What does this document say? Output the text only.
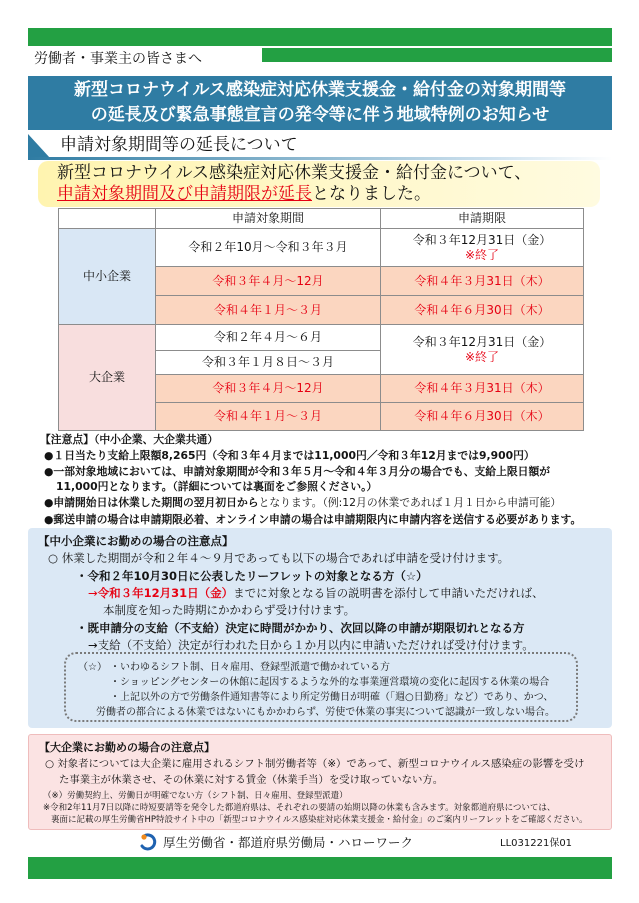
労働者・事業主の皆さまへ
新型コロナウイルス感染症対応休業支援金・給付金の対象期間等
の延長及び緊急事態宣言の発令等に伴う地域特例のお知らせ
申請対象期間等の延長について
新型コロナウイルス感染症対応休業支援金・給付金について、
申請対象期間及び申請期限が延長となりました。
	申請対象期間	申請期限
中小企業	令和２年10月～令和３年３月	令和３年12月31日（金）
※終了

	令和３年４月～12月	令和４年３月31日（木）
	令和４年１月～３月	令和４年６月30日（木）
大企業	令和２年４月～６月	令和３年12月31日（金）
※終了

	令和３年１月８日～３月	
	令和３年４月～12月	令和４年３月31日（木）
	令和４年１月～３月	令和４年６月30日（木）
【注意点】（中小企業、大企業共通）
●１日当たり支給上限額8,265円（令和３年４月までは11,000円／令和３年12月までは9,900円）
●一部対象地域においては、申請対象期間が令和３年５月～令和４年３月分の場合でも、支給上限日額が
11,000円となります。（詳細については裏面をご参照ください。）
●申請開始日は休業した期間の翌月初日からとなります。（例:12月の休業であれば１月１日から申請可能）
●郵送申請の場合は申請期限必着、オンライン申請の場合は申請期限内に申請内容を送信する必要があります。
【中小企業にお勤めの場合の注意点】
○ 休業した期間が令和２年４～９月であっても以下の場合であれば申請を受け付けます。
・令和２年10月30日に公表したリーフレットの対象となる方（☆）
→令和３年12月31日（金）までに対象となる旨の説明書を添付して申請いただければ、
本制度を知った時期にかかわらず受け付けます。
・既申請分の支給（不支給）決定に時間がかかり、次回以降の申請が期限切れとなる方
→支給（不支給）決定が行われた日から１か月以内に申請いただければ受け付けます。
（☆） ・いわゆるシフト制、日々雇用、登録型派遣で働かれている方
・ショッピングセンターの休館に起因するような外的な事業運営環境の変化に起因する休業の場合
・上記以外の方で労働条件通知書等により所定労働日が明確（「週○日勤務」など）であり、かつ、
労働者の都合による休業ではないにもかかわらず、労使で休業の事実について認識が一致しない場合。
【大企業にお勤めの場合の注意点】
○ 対象者については大企業に雇用されるシフト制労働者等（※）であって、新型コロナウイルス感染症の影響を受け
た事業主が休業させ、その休業に対する賃金（休業手当）を受け取っていない方。
（※）労働契約上、労働日が明確でない方（シフト制、日々雇用、登録型派遣）
※令和2年11月7日以降に時短要請等を発令した都道府県は、それぞれの要請の始期以降の休業も含みます。対象都道府県については、
裏面に記載の厚生労働省HP特設サイト中の「新型コロナウイルス感染症対応休業支援金・給付金」のご案内リーフレットをご確認ください。
厚生労働省・都道府県労働局・ハローワーク	LL031221保01
